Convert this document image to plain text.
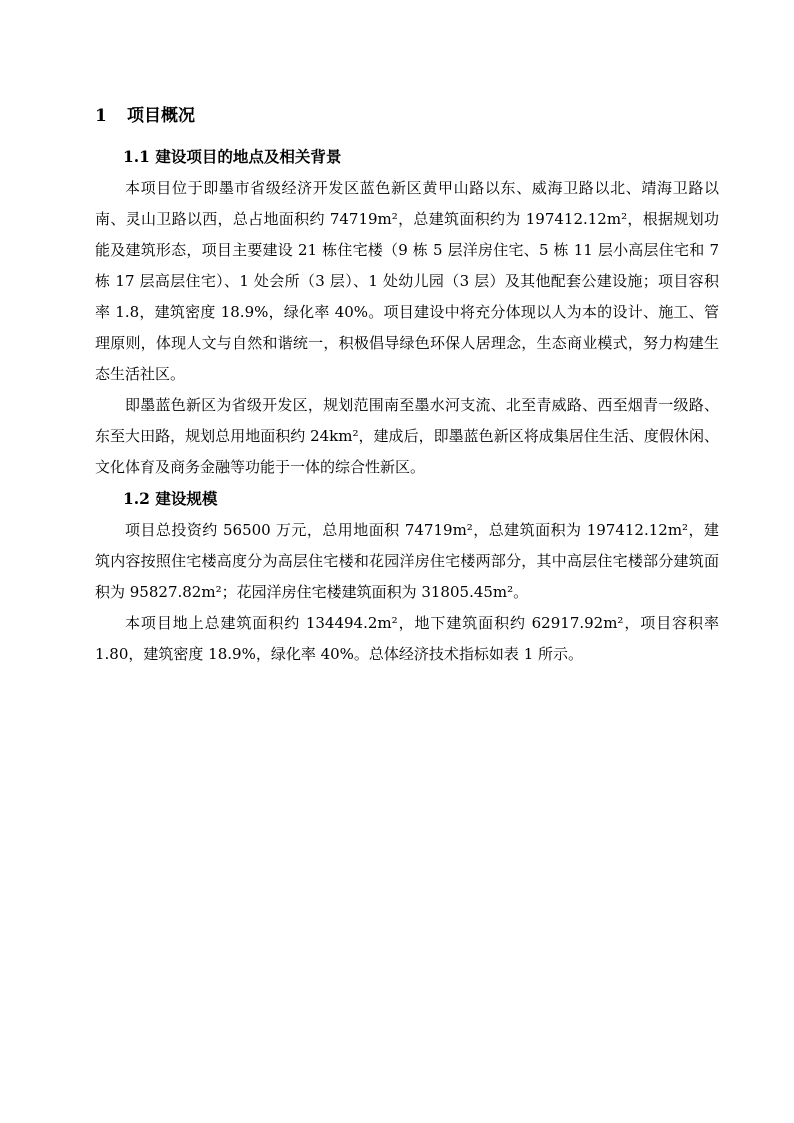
1 项目概况
1.1 建设项目的地点及相关背景

本项目位于即墨市省级经济开发区蓝色新区黄甲山路以东、威海卫路以北、靖海卫路以南、灵山卫路以西，总占地面积约 74719m²，总建筑面积约为 197412.12m²，根据规划功能及建筑形态，项目主要建设 21 栋住宅楼（9 栋 5 层洋房住宅、5 栋 11 层小高层住宅和 7 栋 17 层高层住宅）、1 处会所（3 层）、1 处幼儿园（3 层）及其他配套公建设施；项目容积率 1.8，建筑密度 18.9%，绿化率 40%。项目建设中将充分体现以人为本的设计、施工、管理原则，体现人文与自然和谐统一，积极倡导绿色环保人居理念，生态商业模式，努力构建生态生活社区。

即墨蓝色新区为省级开发区，规划范围南至墨水河支流、北至青威路、西至烟青一级路、东至大田路，规划总用地面积约 24km²，建成后，即墨蓝色新区将成集居住生活、度假休闲、文化体育及商务金融等功能于一体的综合性新区。

1.2 建设规模

项目总投资约 56500 万元，总用地面积 74719m²，总建筑面积为 197412.12m²，建筑内容按照住宅楼高度分为高层住宅楼和花园洋房住宅楼两部分，其中高层住宅楼部分建筑面积为 95827.82m²；花园洋房住宅楼建筑面积为 31805.45m²。

本项目地上总建筑面积约 134494.2m²，地下建筑面积约 62917.92m²，项目容积率 1.80，建筑密度 18.9%，绿化率 40%。总体经济技术指标如表 1 所示。
